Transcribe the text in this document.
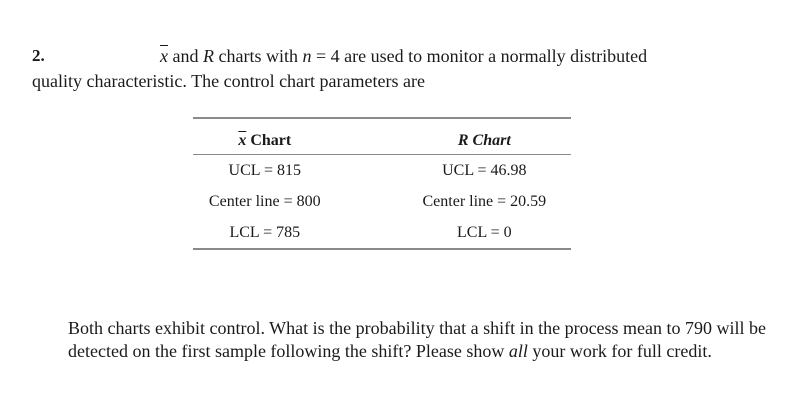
2.	$\overline{x}$ and R charts with n = 4 are used to monitor a normally distributed
quality characteristic. The control chart parameters are

$\overline{x}$ Chart		R Chart
UCL = 815		UCL = 46.98
Center line = 800		Center line = 20.59
LCL = 785		LCL = 0

Both charts exhibit control. What is the probability that a shift in the process mean to 790 will be detected on the first sample following the shift? Please show all your work for full credit.
